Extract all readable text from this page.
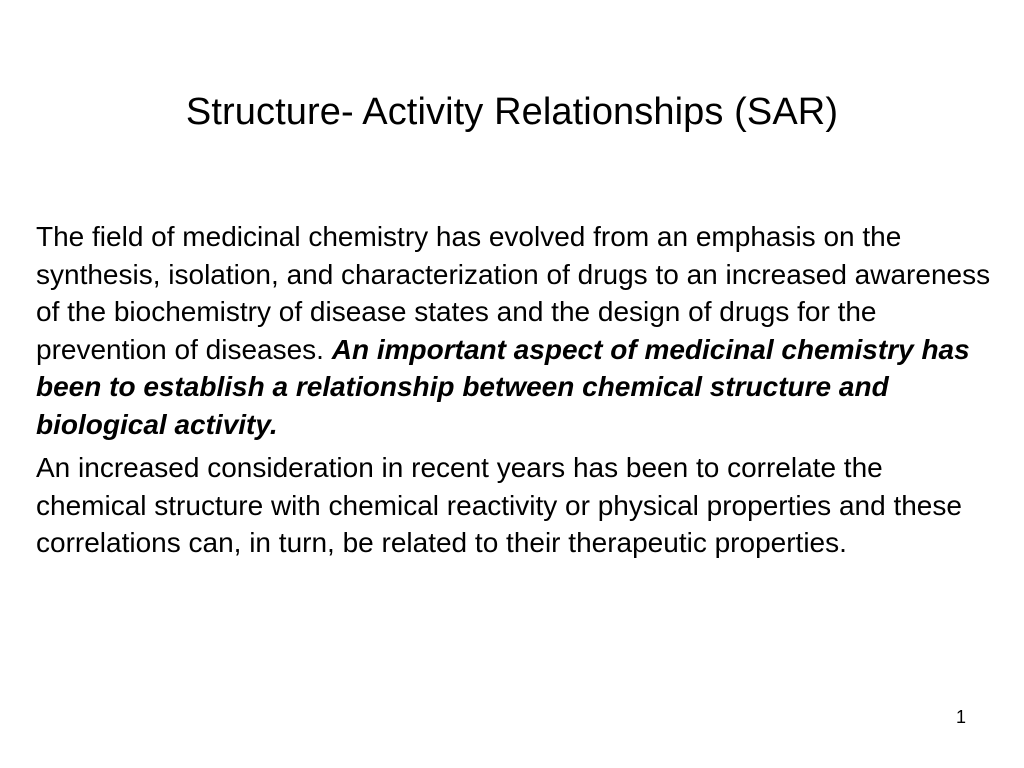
Structure- Activity Relationships (SAR)

The field of medicinal chemistry has evolved from an emphasis on the synthesis, isolation, and characterization of drugs to an increased awareness of the biochemistry of disease states and the design of drugs for the prevention of diseases. An important aspect of medicinal chemistry has been to establish a relationship between chemical structure and biological activity.

An increased consideration in recent years has been to correlate the chemical structure with chemical reactivity or physical properties and these correlations can, in turn, be related to their therapeutic properties.

1
